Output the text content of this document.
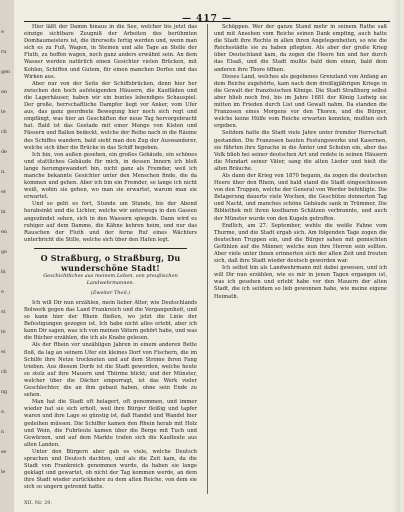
e
ru
gen
en
te
ch
de
n.
er
in
en
ge
bi
e
st
te
ei
ch
ng
e,
n
se
le
— 417 —

Hier läßt der Damm hinaus in die See, welcher bis jetzt das einzige sichtbare Zeugniß der Arbeiten des berühmten Dombaumeisters ist, die ihrerseits fertig werden und, wenn man sich es zu Fuß, Wagen, in Steinen und alle Tage an Stelle der Fluth, zu hoffen wagen, noch ganz anders erwähnt sein. An dem Wasser werden natürlich einen Gesichter vielen Brücken, mit Kohlen, Schiffen und Gutem, für einen manchen Dorfes und das Wirken aus.

Aber nur von der Seite der Schiffsbrücken, denn hier her zwischen den hoch aufsteigenden Häusern, die Kaufläden und die Lagerhäuser, haben wir ein buntes lebendiges Schauspiel. Der große, herrschaftliche Dampfer liegt vor Anker, vom Ufer aus, das ganz geordnete Bewegung hier noch sich regt und empfängt, was hier an Geschäften der neue Tag hervorgebracht hat. Bald ist das Gestade mit einer Menge von Kisten und Fässern und Ballen bedeckt, welche der Reihe nach in die Räume des Schiffes wandern, bald sieht man den Zug der Auswanderer, welche sich über die Brücke in das Schiff begeben.

Ich bin, von außen gesehen, ein großes Gebäude, ein schönes und stattliches Gebäude für mich, in dessen Innern ich bloß lange herumgewandert bin, nicht ganz als Fremder, weil ich manche bekannte Gesichter unter den Menschen finde, die da kommen und gehen. Aber ich bin ein Fremder, so lange ich nicht weiß, wohin sie gehen, wo man sie erwartet, warum man sie erwartet.

Und so geht es fort, Stunde um Stunde, bis der Abend herabsinkt und die Lichter, welche wir unterwegs in den Gassen angezündet sehen, sich in den Wassern spiegeln. Dann wird es ruhiger auf dem Damme, die Kähne kehren heim, und nur das Rauschen der Fluth und der ferne Ruf eines Wächters unterbricht die Stille, welche sich über den Hafen legt.

O Straßburg, o Straßburg, Du wunderschöne Stadt!
Geschichtliches aus meinem Leben, von preußischen Landwehrmannen.
(Zweiter Theil.)

Ich will Dir nun erzählen, mein lieber Alter, wie Deutschlands Bolwerk gegen das Land Frankreich und die Vergangenheit, und so kann hier der Rhein fließen, wo jetzt die Linie der Befestigungen gezogen ist. Ich habe nicht alles erlebt, aber ich kann Dir sagen, was ich von meinen Vätern gehört habe, und was die Bücher erzählen, die ich als Knabe gelesen.

Als der Rhein vor unzähligen Jahren in einem anderen Bette floß, da lag an seinem Ufer ein kleines Dorf von Fischern, die im Schilfe ihre Netze trockneten und auf dem Strome ihren Fang trieben. Aus diesem Dorfe ist die Stadt geworden, welche heute so stolz auf ihre Mauern und Thürme blickt; und der Münster, welcher über die Dächer emporragt, ist das Werk vieler Geschlechter, die an ihm gebaut haben, ohne sein Ende zu sehen.

Man hat die Stadt oft belagert, oft genommen, und immer wieder hat sie sich erholt, weil ihre Bürger fleißig und tapfer waren und ihre Lage so günstig ist, daß Handel und Wandel hier gedeihen müssen. Die Schiffer kamen den Rhein herab mit Holz und Wein, die Fuhrleute kamen über die Berge mit Tuch und Gewürzen, und auf dem Markte trafen sich die Kaufleute aus allen Landen.

Unter den Bürgern aber gab es viele, welche Deutsch sprachen und Deutsch dachten, und als die Zeit kam, da die Stadt von Frankreich genommen wurde, da haben sie lange geklagt und gewartet, ob nicht der Tag kommen werde, an dem ihre Stadt wieder zurückkehre zu dem alten Reiche, von dem sie sich so ungern getrennt hatte.

Schöppen. Wer der ganze Stand mehr in seinem Rathe saß und mit Ansehen vom Reiche seinen Dank empfing, auch hatte die Stadt ihre Rechte in allen ihren Angelegenheiten, so wie die Reichsstädte sie zu haben pflegten. Als aber der große Krieg über Deutschland kam, da zogen die Heere hin und her durch das Elsaß, und die Stadt mußte bald dem einen, bald dem anderen ihre Thore öffnen.

Dieses Land, welches als gegebenes Grenzland von Anfang an dem Reiche zugehörte, kam nach dem dreißigjährigen Kriege in die Gewalt der französischen Könige. Die Stadt Straßburg selbst aber blieb noch frei, bis im Jahre 1681 der König Ludwig sie mitten im Frieden durch List und Gewalt nahm. Da standen die Franzosen eines Morgens vor den Thoren, und die Bürger, welche keine Hülfe vom Reiche erwarten konnten, mußten sich ergeben.

Seitdem hatte die Stadt viele Jahre unter fremder Herrschaft gestanden. Die Franzosen bauten Festungswerke und Kasernen, sie führten ihre Sprache in die Ämter und Schulen ein, aber das Volk blieb bei seiner deutschen Art und redete in seinen Häusern die Mundart seiner Väter, sang die alten Lieder und hielt die alten Bräuche.

Als dann der Krieg von 1870 begann, da zogen die deutschen Heere über den Rhein, und bald stand die Stadt eingeschlossen von den Truppen, welche der General von Werder befehligte. Die Belagerung dauerte viele Wochen, die Geschütze donnerten Tag und Nacht, und manches schöne Gebäude sank in Trümmer. Die Bibliothek mit ihren kostbaren Schätzen verbrannte, und auch der Münster wurde von den Kugeln getroffen.

Endlich, am 27. September, wehte die weiße Fahne vom Thurme, und die Stadt ergab sich. Am folgenden Tage zogen die deutschen Truppen ein, und die Bürger sahen mit gemischten Gefühlen auf die Männer, welche nun ihre Herren sein sollten. Aber viele unter ihnen erinnerten sich der alten Zeit und freuten sich, daß ihre Stadt wieder deutsch geworden war.

Ich selbst bin als Landwehrmann mit dabei gewesen, und ich will Dir nun erzählen, wie es mir in jenen Tagen ergangen ist, was ich gesehen und erlebt habe vor den Mauern der alten Stadt, die ich seitdem so lieb gewonnen habe, wie meine eigene Heimath.

XII. Nr. 29.
